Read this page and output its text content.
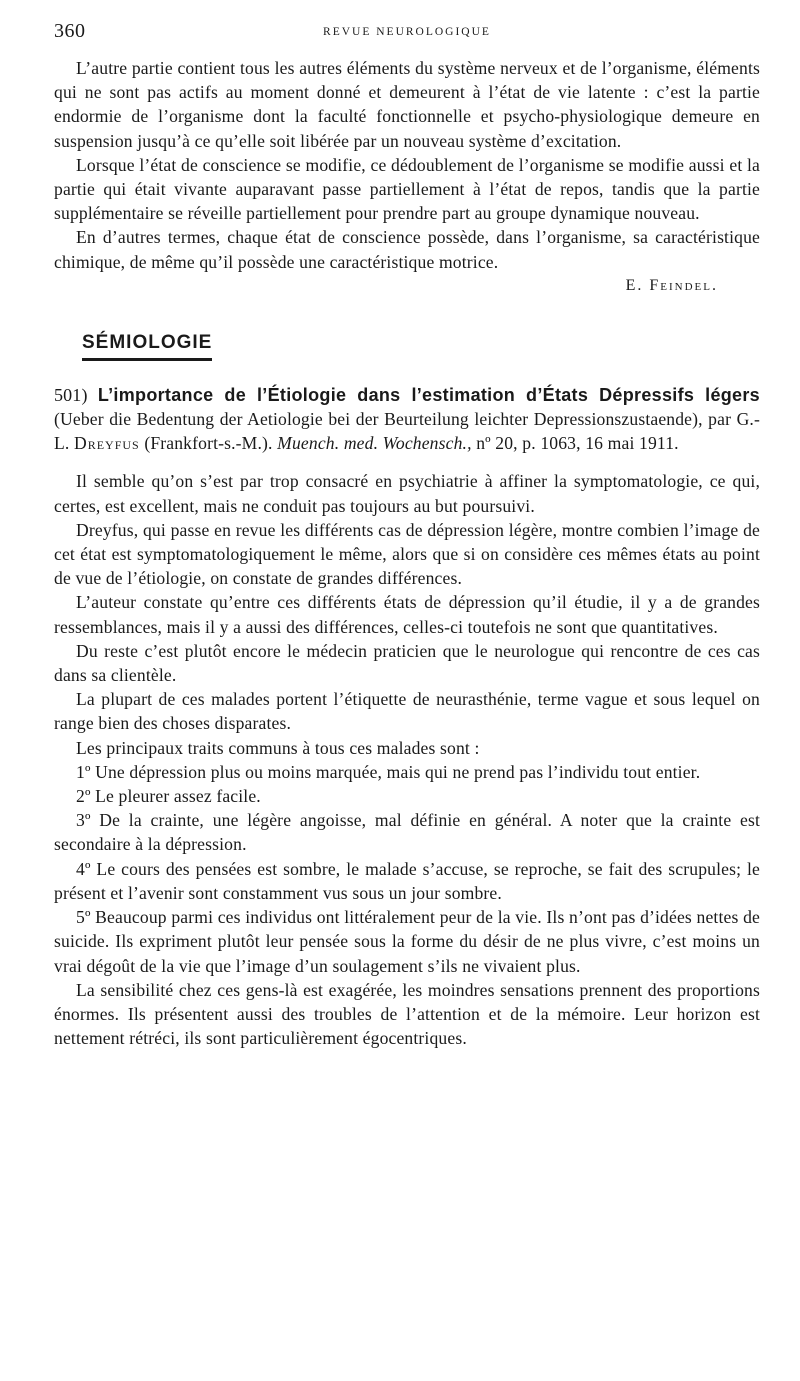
360	REVUE NEUROLOGIQUE

L’autre partie contient tous les autres éléments du système nerveux et de l’organisme, éléments qui ne sont pas actifs au moment donné et demeurent à l’état de vie latente : c’est la partie endormie de l’organisme dont la faculté fonctionnelle et psycho-physiologique demeure en suspension jusqu’à ce qu’elle soit libérée par un nouveau système d’excitation.

Lorsque l’état de conscience se modifie, ce dédoublement de l’organisme se modifie aussi et la partie qui était vivante auparavant passe partiellement à l’état de repos, tandis que la partie supplémentaire se réveille partiellement pour prendre part au groupe dynamique nouveau.

En d’autres termes, chaque état de conscience possède, dans l’organisme, sa caractéristique chimique, de même qu’il possède une caractéristique motrice.

E. Feindel.
SÉMIOLOGIE

501) L’importance de l’Étiologie dans l’estimation d’États Dépressifs légers (Ueber die Bedentung der Aetiologie bei der Beurteilung leichter Depressionszustaende), par G.-L. Dreyfus (Frankfort-s.-M.). Muench. med. Wochensch., nº 20, p. 1063, 16 mai 1911.

Il semble qu’on s’est par trop consacré en psychiatrie à affiner la symptomatologie, ce qui, certes, est excellent, mais ne conduit pas toujours au but poursuivi.

Dreyfus, qui passe en revue les différents cas de dépression légère, montre combien l’image de cet état est symptomatologiquement le même, alors que si on considère ces mêmes états au point de vue de l’étiologie, on constate de grandes différences.

L’auteur constate qu’entre ces différents états de dépression qu’il étudie, il y a de grandes ressemblances, mais il y a aussi des différences, celles-ci toutefois ne sont que quantitatives.

Du reste c’est plutôt encore le médecin praticien que le neurologue qui rencontre de ces cas dans sa clientèle.

La plupart de ces malades portent l’étiquette de neurasthénie, terme vague et sous lequel on range bien des choses disparates.

Les principaux traits communs à tous ces malades sont :

1º Une dépression plus ou moins marquée, mais qui ne prend pas l’individu tout entier.

2º Le pleurer assez facile.

3º De la crainte, une légère angoisse, mal définie en général. A noter que la crainte est secondaire à la dépression.

4º Le cours des pensées est sombre, le malade s’accuse, se reproche, se fait des scrupules; le présent et l’avenir sont constamment vus sous un jour sombre.

5º Beaucoup parmi ces individus ont littéralement peur de la vie. Ils n’ont pas d’idées nettes de suicide. Ils expriment plutôt leur pensée sous la forme du désir de ne plus vivre, c’est moins un vrai dégoût de la vie que l’image d’un soulagement s’ils ne vivaient plus.

La sensibilité chez ces gens-là est exagérée, les moindres sensations prennent des proportions énormes. Ils présentent aussi des troubles de l’attention et de la mémoire. Leur horizon est nettement rétréci, ils sont particulièrement égocentriques.
